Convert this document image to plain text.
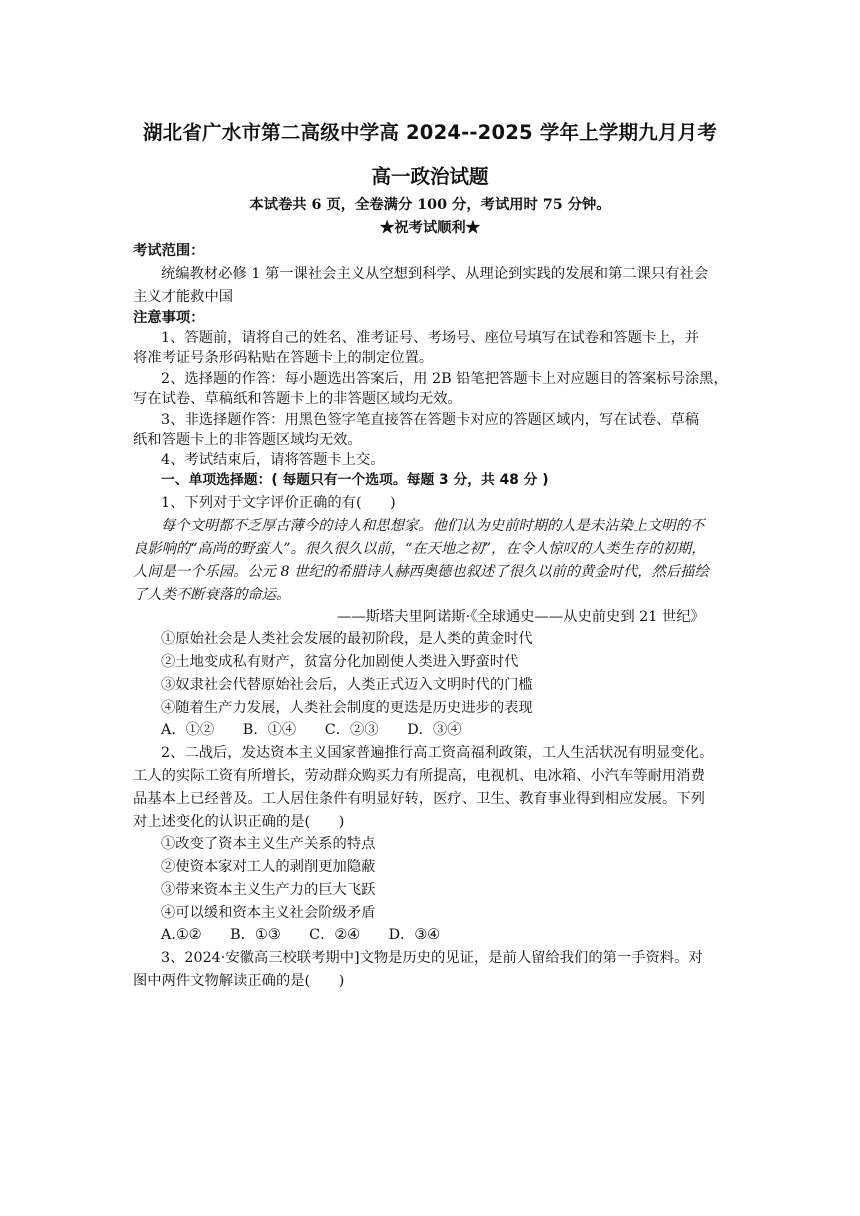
湖北省广水市第二高级中学高 2024--2025 学年上学期九月月考
高一政治试题
本试卷共 6 页，全卷满分 100 分，考试用时 75 分钟。
★祝考试顺利★
考试范围：
统编教材必修 1 第一课社会主义从空想到科学、从理论到实践的发展和第二课只有社会
主义才能救中国
注意事项：
1、答题前，请将自己的姓名、准考证号、考场号、座位号填写在试卷和答题卡上，并
将准考证号条形码粘贴在答题卡上的制定位置。
2、选择题的作答：每小题选出答案后，用 2B 铅笔把答题卡上对应题目的答案标号涂黑，
写在试卷、草稿纸和答题卡上的非答题区域均无效。
3、非选择题作答：用黑色签字笔直接答在答题卡对应的答题区域内，写在试卷、草稿
纸和答题卡上的非答题区域均无效。
4、考试结束后，请将答题卡上交。
一、单项选择题：( 每题只有一个选项。每题 3 分，共 48 分 )
1、下列对于文字评价正确的有(　　)
每个文明都不乏厚古薄今的诗人和思想家。他们认为史前时期的人是未沾染上文明的不
良影响的“高尚的野蛮人”。很久很久以前，“在天地之初”，在令人惊叹的人类生存的初期，
人间是一个乐园。公元 8 世纪的希腊诗人赫西奥德也叙述了很久以前的黄金时代，然后描绘
了人类不断衰落的命运。
——斯塔夫里阿诺斯·《全球通史——从史前史到 21 世纪》
①原始社会是人类社会发展的最初阶段，是人类的黄金时代
②土地变成私有财产，贫富分化加剧使人类进入野蛮时代
③奴隶社会代替原始社会后，人类正式迈入文明时代的门槛
④随着生产力发展，人类社会制度的更迭是历史进步的表现
A．①②　　B．①④　　C．②③　　D．③④
2、二战后，发达资本主义国家普遍推行高工资高福利政策，工人生活状况有明显变化。
工人的实际工资有所增长，劳动群众购买力有所提高，电视机、电冰箱、小汽车等耐用消费
品基本上已经普及。工人居住条件有明显好转，医疗、卫生、教育事业得到相应发展。下列
对上述变化的认识正确的是(　　)
①改变了资本主义生产关系的特点
②使资本家对工人的剥削更加隐蔽
③带来资本主义生产力的巨大飞跃
④可以缓和资本主义社会阶级矛盾
A.①②　　B．①③　　C．②④　　D．③④
3、2024·安徽高三校联考期中]文物是历史的见证，是前人留给我们的第一手资料。对
图中两件文物解读正确的是(　　)
